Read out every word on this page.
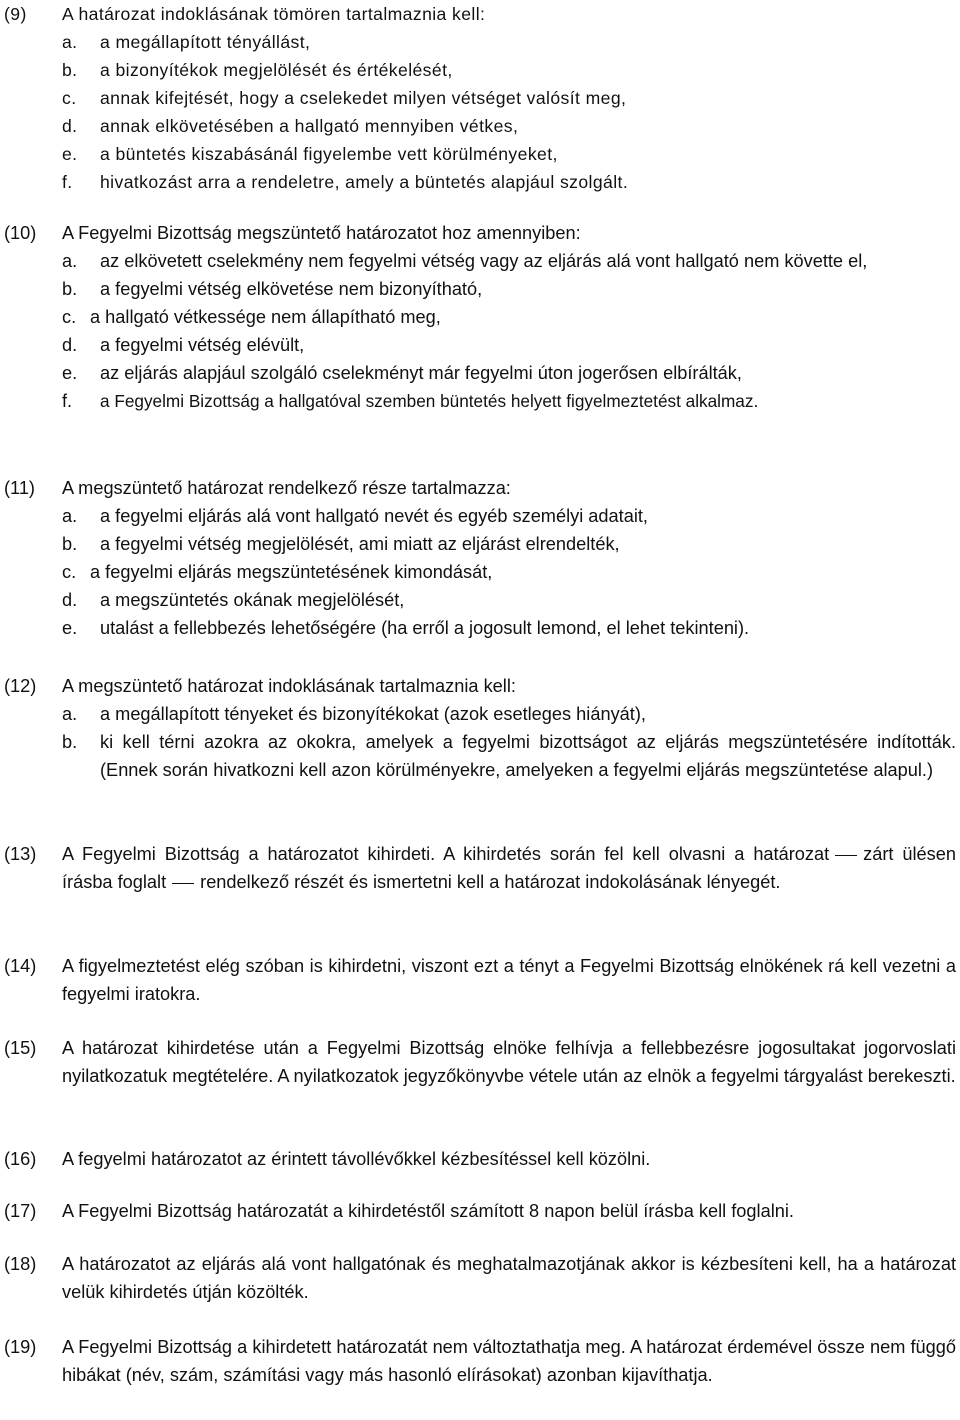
(9) A határozat indoklásának tömören tartalmaznia kell:
a. a megállapított tényállást,
b. a bizonyítékok megjelölését és értékelését,
c. annak kifejtését, hogy a cselekedet milyen vétséget valósít meg,
d. annak elkövetésében a hallgató mennyiben vétkes,
e. a büntetés kiszabásánál figyelembe vett körülményeket,
f. hivatkozást arra a rendeletre, amely a büntetés alapjául szolgált.
(10) A Fegyelmi Bizottság megszüntető határozatot hoz amennyiben:
a. az elkövetett cselekmény nem fegyelmi vétség vagy az eljárás alá vont hallgató nem követte el,
b. a fegyelmi vétség elkövetése nem bizonyítható,
c. a hallgató vétkessége nem állapítható meg,
d. a fegyelmi vétség elévült,
e. az eljárás alapjául szolgáló cselekményt már fegyelmi úton jogerősen elbírálták,
f. a Fegyelmi Bizottság a hallgatóval szemben büntetés helyett figyelmeztetést alkalmaz.
(11) A megszüntető határozat rendelkező része tartalmazza:
a. a fegyelmi eljárás alá vont hallgató nevét és egyéb személyi adatait,
b. a fegyelmi vétség megjelölését, ami miatt az eljárást elrendelték,
c. a fegyelmi eljárás megszüntetésének kimondását,
d. a megszüntetés okának megjelölését,
e. utalást a fellebbezés lehetőségére (ha erről a jogosult lemond, el lehet tekinteni).
(12) A megszüntető határozat indoklásának tartalmaznia kell:
a. a megállapított tényeket és bizonyítékokat (azok esetleges hiányát),
b. ki kell térni azokra az okokra, amelyek a fegyelmi bizottságot az eljárás megszüntetésére indították. (Ennek során hivatkozni kell azon körülményekre, amelyeken a fegyelmi eljárás megszüntetése alapul.)
(13) A Fegyelmi Bizottság a határozatot kihirdeti. A kihirdetés során fel kell olvasni a határozat zárt ülésen írásba foglalt rendelkező részét és ismertetni kell a határozat indokolásának lényegét.
(14) A figyelmeztetést elég szóban is kihirdetni, viszont ezt a tényt a Fegyelmi Bizottság elnökének rá kell vezetni a fegyelmi iratokra.
(15) A határozat kihirdetése után a Fegyelmi Bizottság elnöke felhívja a fellebbezésre jogosultakat jogorvoslati nyilatkozatuk megtételére. A nyilatkozatok jegyzőkönyvbe vétele után az elnök a fegyelmi tárgyalást berekeszti.
(16) A fegyelmi határozatot az érintett távollévőkkel kézbesítéssel kell közölni.
(17) A Fegyelmi Bizottság határozatát a kihirdetéstől számított 8 napon belül írásba kell foglalni.
(18) A határozatot az eljárás alá vont hallgatónak és meghatalmazotjának akkor is kézbesíteni kell, ha a határozat velük kihirdetés útján közölték.
(19) A Fegyelmi Bizottság a kihirdetett határozatát nem változtathatja meg. A határozat érdemével össze nem függő hibákat (név, szám, számítási vagy más hasonló elírásokat) azonban kijavíthatja.
